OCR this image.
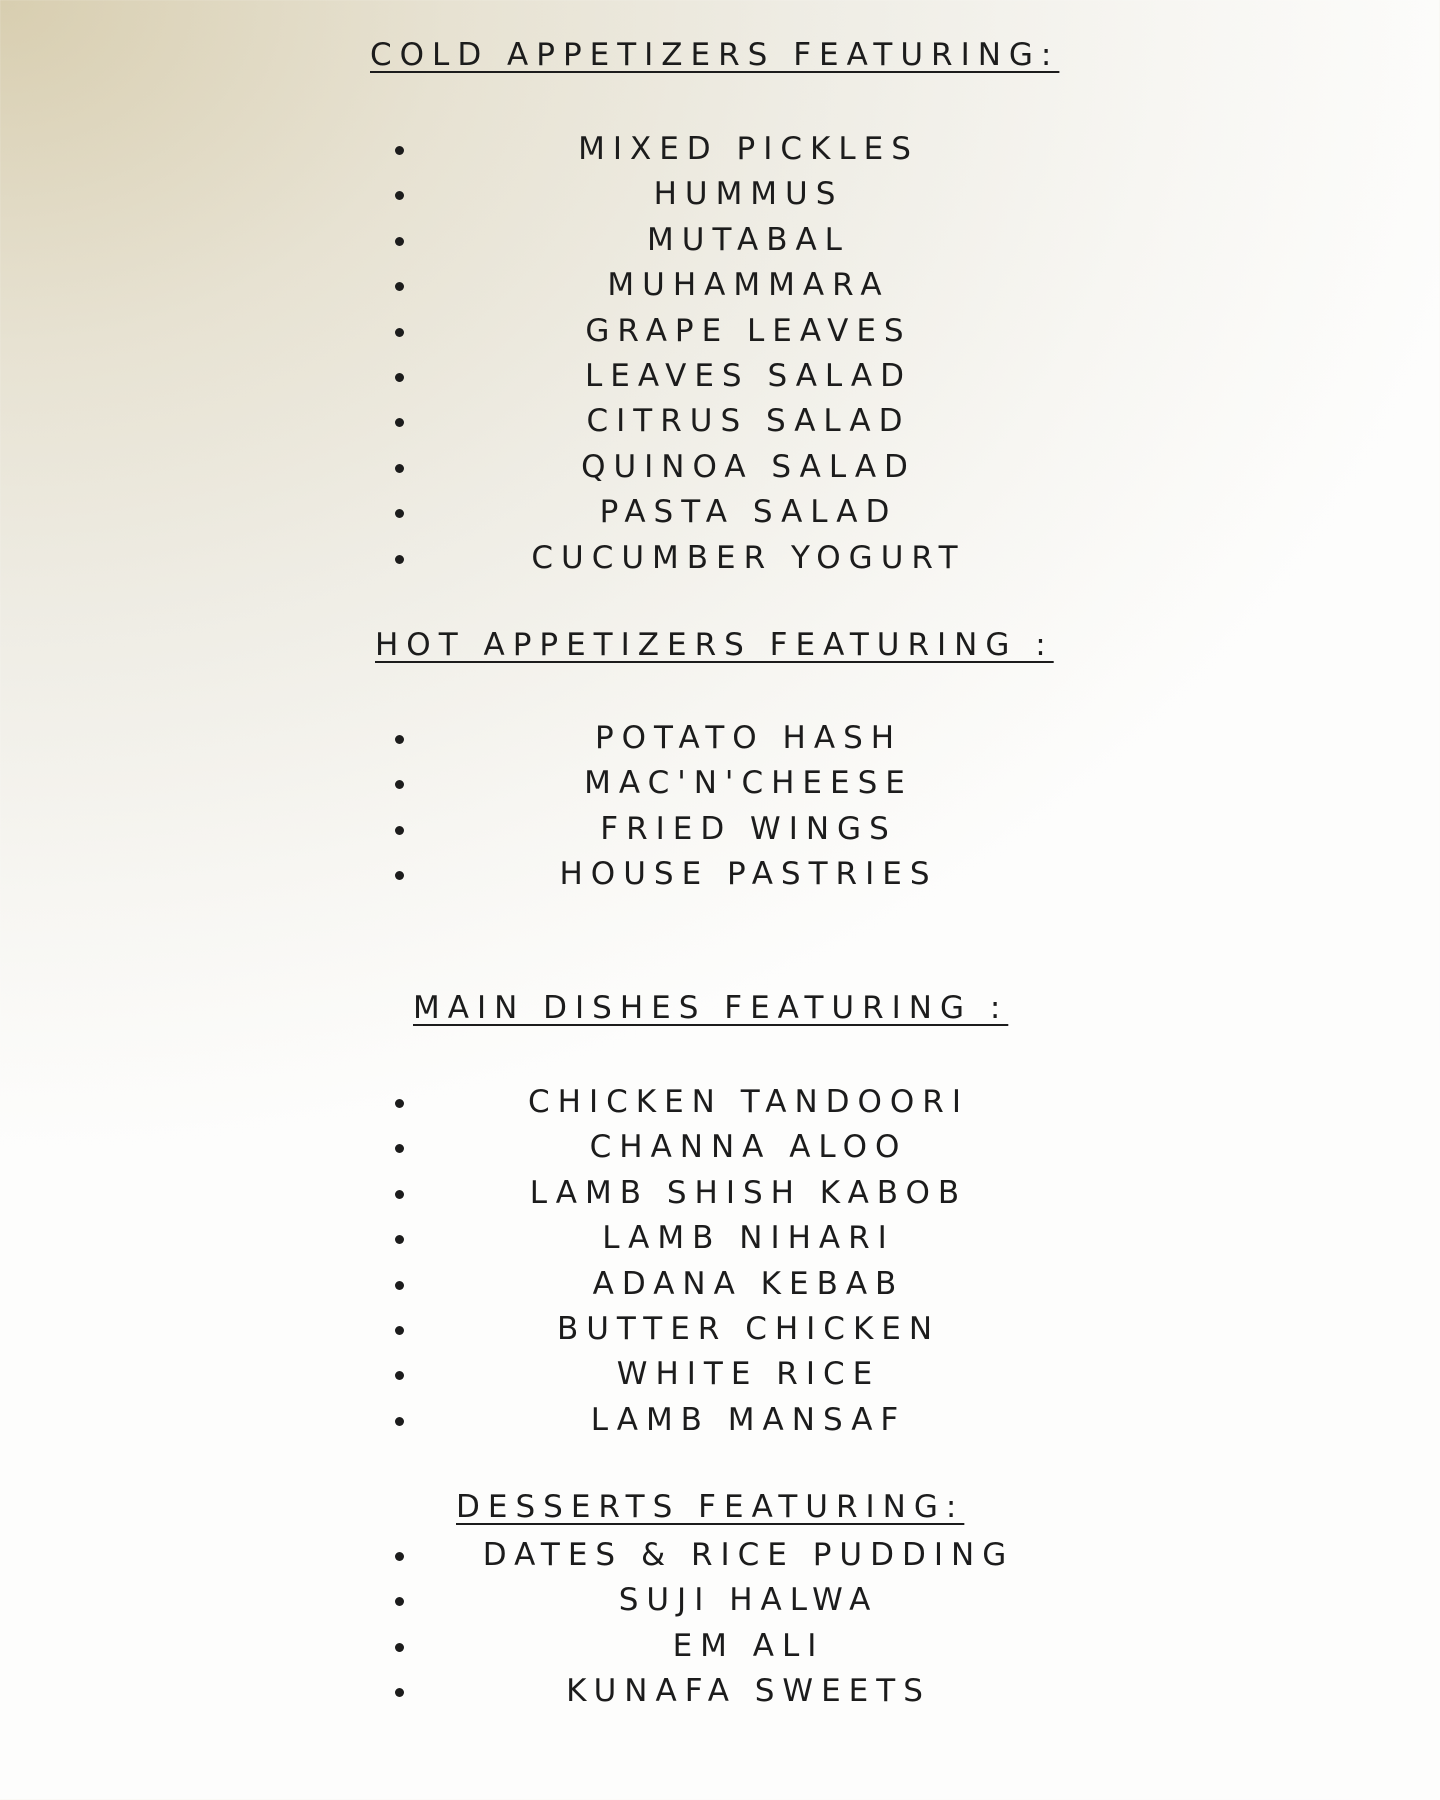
COLD APPETIZERS FEATURING:
MIXED PICKLES
HUMMUS
MUTABAL
MUHAMMARA
GRAPE LEAVES
LEAVES SALAD
CITRUS SALAD
QUINOA SALAD
PASTA SALAD
CUCUMBER YOGURT
HOT APPETIZERS FEATURING :
POTATO HASH
MAC'N'CHEESE
FRIED WINGS
HOUSE PASTRIES
MAIN DISHES FEATURING :
CHICKEN TANDOORI
CHANNA ALOO
LAMB SHISH KABOB
LAMB NIHARI
ADANA KEBAB
BUTTER CHICKEN
WHITE RICE
LAMB MANSAF
DESSERTS FEATURING:
DATES & RICE PUDDING
SUJI HALWA
EM ALI
KUNAFA SWEETS
